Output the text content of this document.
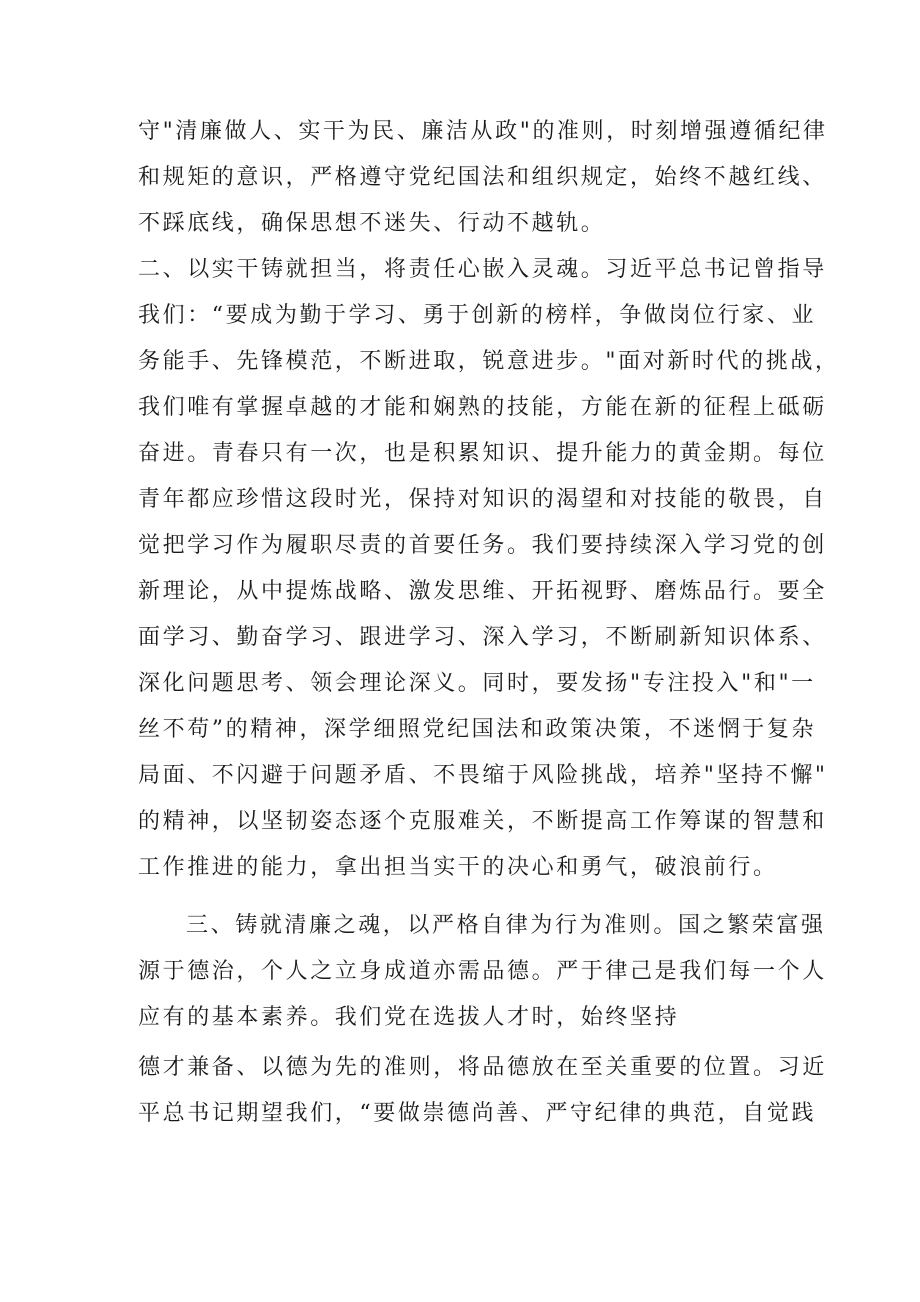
守"清廉做人、实干为民、廉洁从政"的准则，时刻增强遵循纪律
和规矩的意识，严格遵守党纪国法和组织规定，始终不越红线、
不踩底线，确保思想不迷失、行动不越轨。
二、以实干铸就担当，将责任心嵌入灵魂。习近平总书记曾指导
我们：“要成为勤于学习、勇于创新的榜样，争做岗位行家、业
务能手、先锋模范，不断进取，锐意进步。"面对新时代的挑战，
我们唯有掌握卓越的才能和娴熟的技能，方能在新的征程上砥砺
奋进。青春只有一次，也是积累知识、提升能力的黄金期。每位
青年都应珍惜这段时光，保持对知识的渴望和对技能的敬畏，自
觉把学习作为履职尽责的首要任务。我们要持续深入学习党的创
新理论，从中提炼战略、激发思维、开拓视野、磨炼品行。要全
面学习、勤奋学习、跟进学习、深入学习，不断刷新知识体系、
深化问题思考、领会理论深义。同时，要发扬"专注投入"和"一
丝不苟”的精神，深学细照党纪国法和政策决策，不迷惘于复杂
局面、不闪避于问题矛盾、不畏缩于风险挑战，培养"坚持不懈"
的精神，以坚韧姿态逐个克服难关，不断提高工作筹谋的智慧和
工作推进的能力，拿出担当实干的决心和勇气，破浪前行。
三、铸就清廉之魂，以严格自律为行为准则。国之繁荣富强
源于德治，个人之立身成道亦需品德。严于律己是我们每一个人
应有的基本素养。我们党在选拔人才时，始终坚持
德才兼备、以德为先的准则，将品德放在至关重要的位置。习近
平总书记期望我们，“要做崇德尚善、严守纪律的典范，自觉践
